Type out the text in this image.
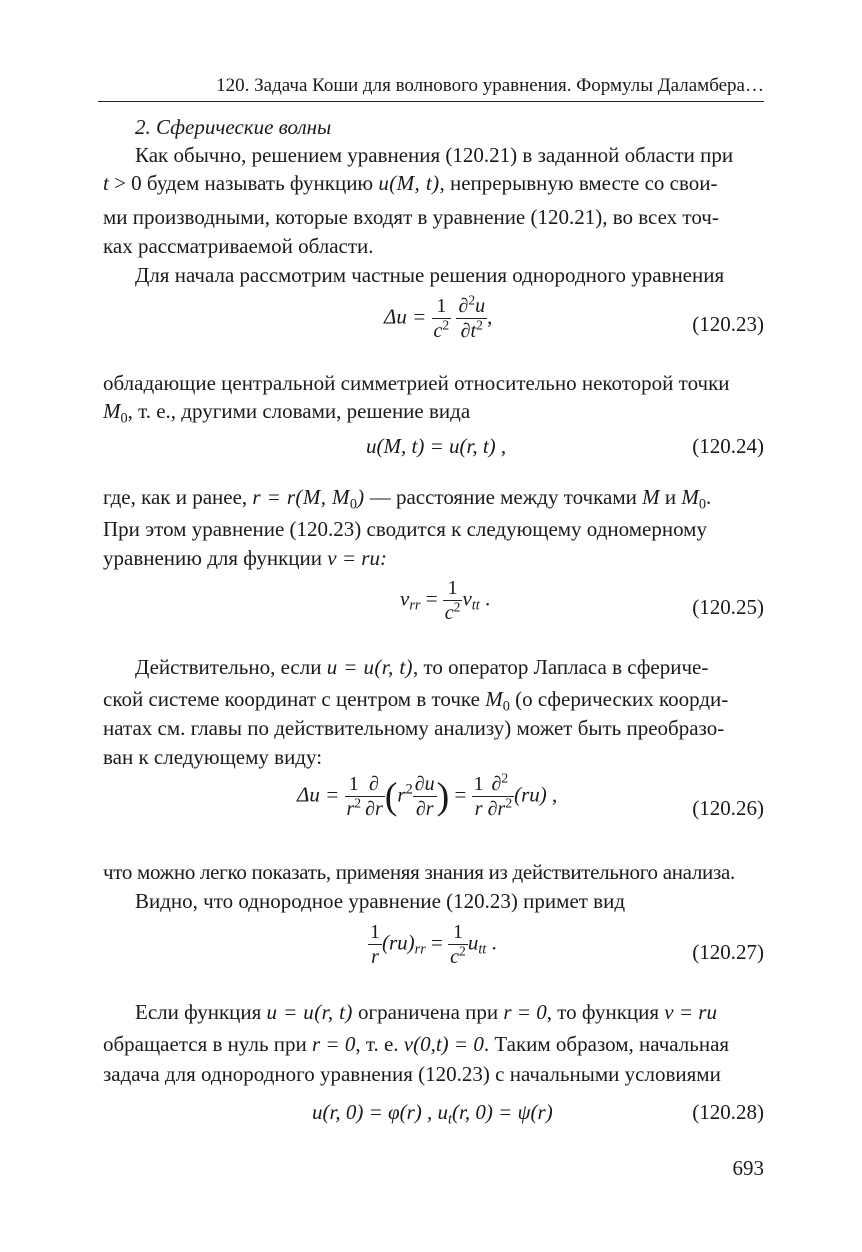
120. Задача Коши для волнового уравнения. Формулы Даламбера…
2. Сферические волны
Как обычно, решением уравнения (120.21) в заданной области при
t > 0 будем называть функцию u(M, t), непрерывную вместе со свои-
ми производными, которые входят в уравнение (120.21), во всех точ-
ках рассматриваемой области.
Для начала рассмотрим частные решения однородного уравнения
$\Delta u = \frac{1}{c^2}$
$\frac{\partial^2u}{\partial t^2}$ ,	(120.23)
обладающие центральной симметрией относительно некоторой точки
$M_0$, т. е., другими словами, решение вида
u(M, t) = u(r, t) ,	(120.24)
где, как и ранее, r = r(M, $M_0$) — расстояние между точками M и $M_0$.
При этом уравнение (120.23) сводится к следующему одномерному
уравнению для функции v = ru:
$v_{rr} = \frac{1}{c^2} v_{tt}$ .	(120.25)
Действительно, если u = u(r, t), то оператор Лапласа в сфериче-
ской системе координат с центром в точке $M_0$ (о сферических коорди-
натах см. главы по действительному анализу) может быть преобразо-
ван к следующему виду:
$\Delta u = \frac{1}{r^2} \frac{\partial}{\partial r} (r^2 \frac{\partial u}{\partial r}$ ) = $\frac{1}{r} \frac{\partial^2}{\partial r^2} (ru)$ ,
(120.26)
что можно легко показать, применяя знания из действительного анализа.
Видно, что однородное уравнение (120.23) примет вид
$\frac{1}{r} (ru)_{rr} = \frac{1}{c^2} u_{tt}$ .	(120.27)
Если функция u = u(r, t) ограничена при r = 0, то функция v = ru
обращается в нуль при r = 0, т. е. v(0,t) = 0. Таким образом, начальная
задача для однородного уравнения (120.23) с начальными условиями
u(r, 0) = φ(r) , $u_t(r$, 0) = ψ(r)	(120.28)
693
